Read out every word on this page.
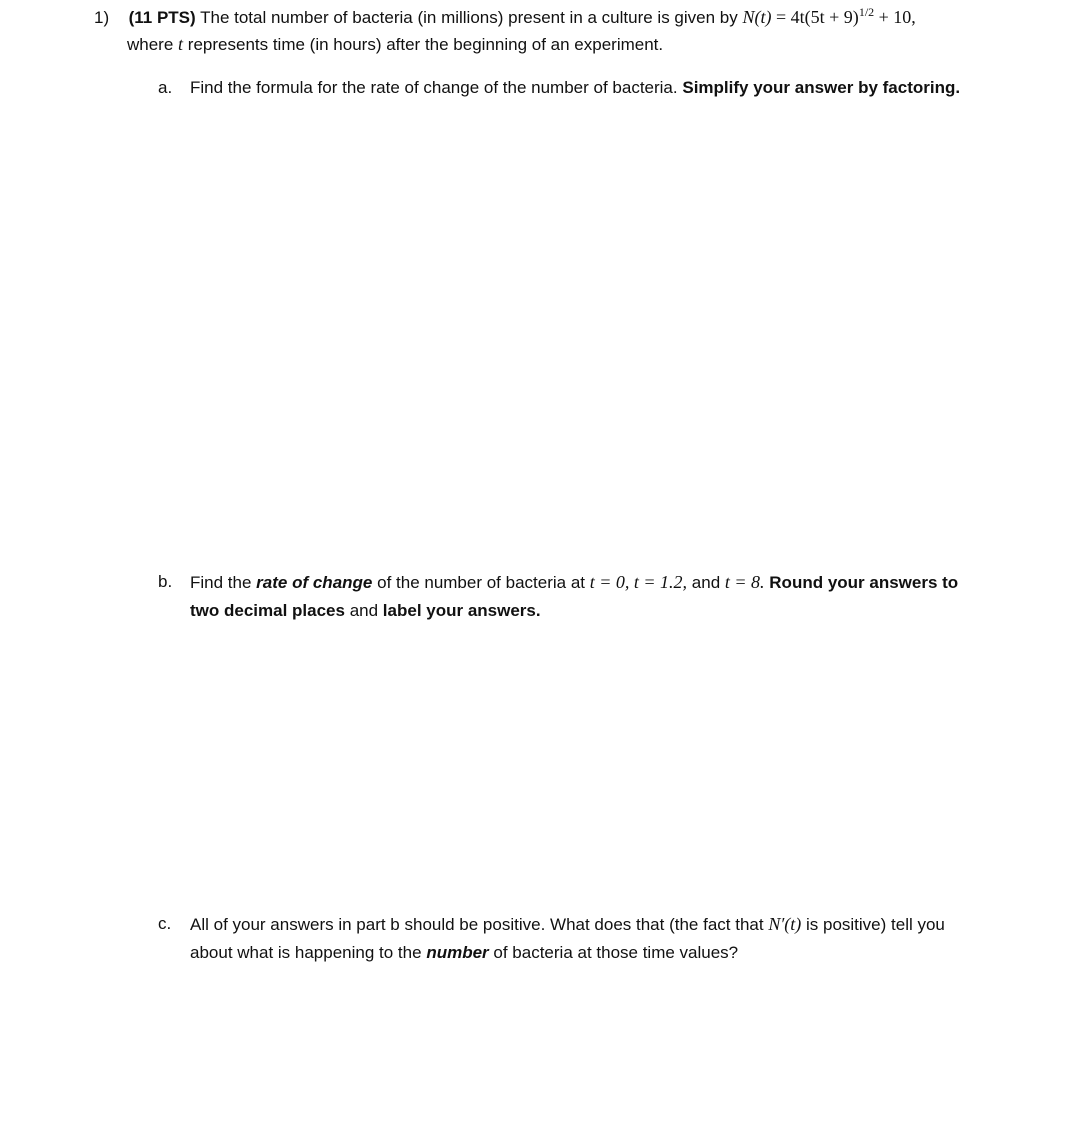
1) (11 PTS) The total number of bacteria (in millions) present in a culture is given by $N(t) = 4t(5t + 9)^{1/2} + 10$,
where t represents time (in hours) after the beginning of an experiment.
a. Find the formula for the rate of change of the number of bacteria. Simplify your answer by factoring.
b. Find the rate of change of the number of bacteria at t = 0, t = 1.2, and t = 8. Round your answers to
two decimal places and label your answers.
c. All of your answers in part b should be positive. What does that (the fact that N′(t) is positive) tell you
about what is happening to the number of bacteria at those time values?
